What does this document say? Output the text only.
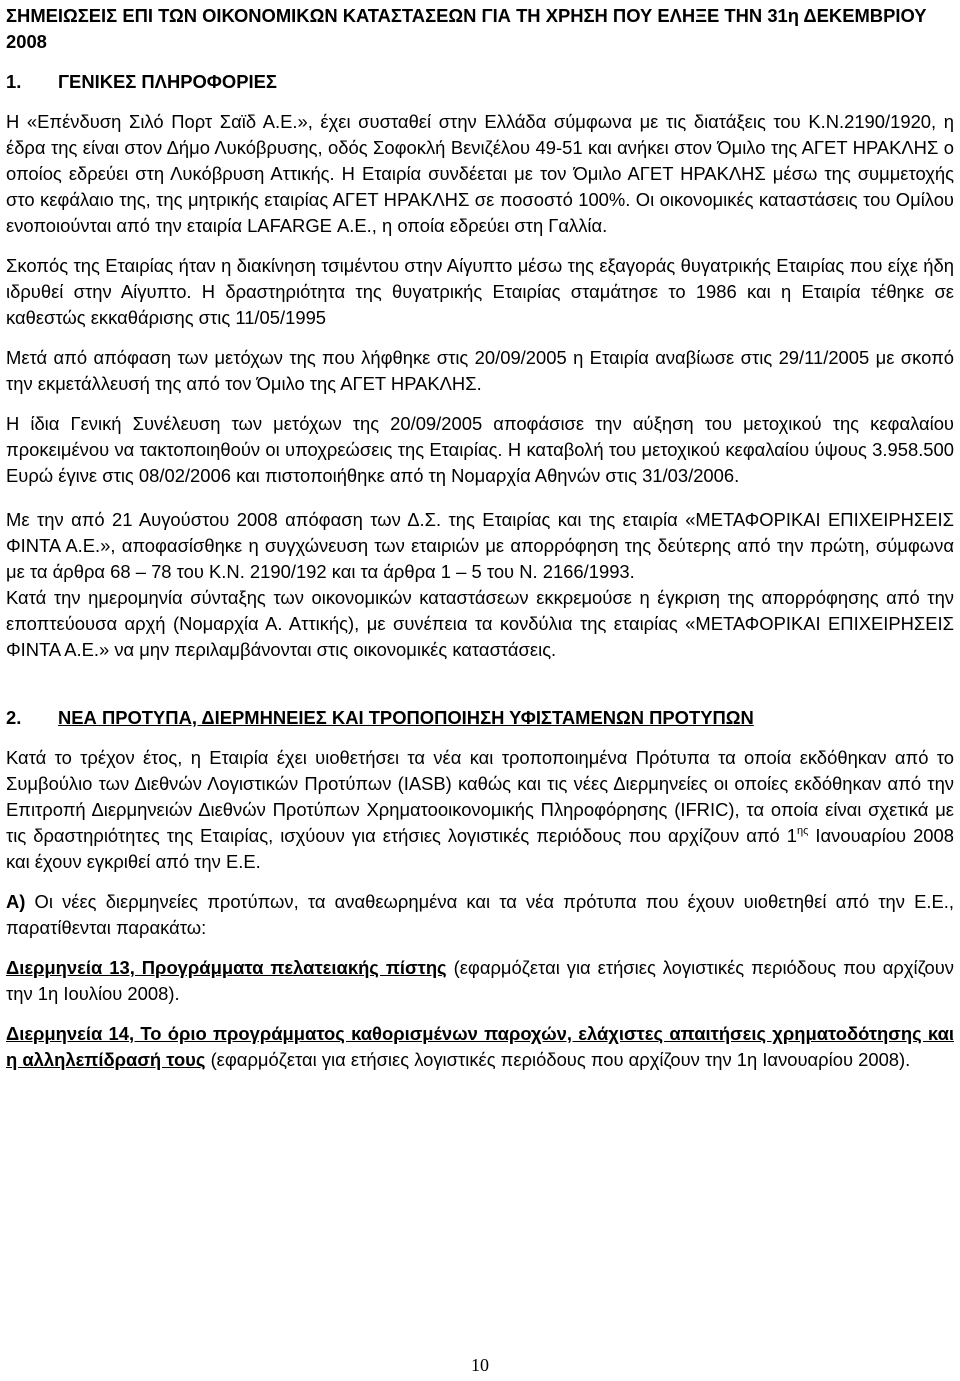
ΣΗΜΕΙΩΣΕΙΣ ΕΠΙ ΤΩΝ ΟΙΚΟΝΟΜΙΚΩΝ ΚΑΤΑΣΤΑΣΕΩΝ ΓΙΑ ΤΗ ΧΡΗΣΗ ΠΟΥ ΕΛΗΞΕ ΤΗΝ 31η ΔΕΚΕΜΒΡΙΟΥ 2008
1. ΓΕΝΙΚΕΣ ΠΛΗΡΟΦΟΡΙΕΣ

Η «Επένδυση Σιλό Πορτ Σαϊδ Α.Ε.», έχει συσταθεί στην Ελλάδα σύμφωνα με τις διατάξεις του Κ.Ν.2190/1920, η έδρα της είναι στον Δήμο Λυκόβρυσης, οδός Σοφοκλή Βενιζέλου 49-51 και ανήκει στον Όμιλο της ΑΓΕΤ ΗΡΑΚΛΗΣ ο οποίος εδρεύει στη Λυκόβρυση Αττικής. Η Εταιρία συνδέεται με τον Όμιλο ΑΓΕΤ ΗΡΑΚΛΗΣ μέσω της συμμετοχής στο κεφάλαιο της, της μητρικής εταιρίας ΑΓΕΤ ΗΡΑΚΛΗΣ σε ποσοστό 100%. Οι οικονομικές καταστάσεις του Ομίλου ενοποιούνται από την εταιρία LAFARGE Α.Ε., η οποία εδρεύει στη Γαλλία.

Σκοπός της Εταιρίας ήταν η διακίνηση τσιμέντου στην Αίγυπτο μέσω της εξαγοράς θυγατρικής Εταιρίας που είχε ήδη ιδρυθεί στην Αίγυπτο. Η δραστηριότητα της θυγατρικής Εταιρίας σταμάτησε το 1986 και η Εταιρία τέθηκε σε καθεστώς εκκαθάρισης στις 11/05/1995

Μετά από απόφαση των μετόχων της που λήφθηκε στις 20/09/2005 η Εταιρία αναβίωσε στις 29/11/2005 με σκοπό την εκμετάλλευσή της από τον Όμιλο της ΑΓΕΤ ΗΡΑΚΛΗΣ.

Η ίδια Γενική Συνέλευση των μετόχων της 20/09/2005 αποφάσισε την αύξηση του μετοχικού της κεφαλαίου προκειμένου να τακτοποιηθούν οι υποχρεώσεις της Εταιρίας. Η καταβολή του μετοχικού κεφαλαίου ύψους 3.958.500 Ευρώ έγινε στις 08/02/2006 και πιστοποιήθηκε από τη Νομαρχία Αθηνών στις 31/03/2006.

Με την από 21 Αυγούστου 2008 απόφαση των Δ.Σ. της Εταιρίας και της εταιρία «ΜΕΤΑΦΟΡΙΚΑΙ ΕΠΙΧΕΙΡΗΣΕΙΣ ΦΙΝΤΑ Α.Ε.», αποφασίσθηκε η συγχώνευση των εταιριών με απορρόφηση της δεύτερης από την πρώτη, σύμφωνα με τα άρθρα 68 – 78 του Κ.Ν. 2190/192 και τα άρθρα 1 – 5 του Ν. 2166/1993.

Κατά την ημερομηνία σύνταξης των οικονομικών καταστάσεων εκκρεμούσε η έγκριση της απορρόφησης από την εποπτεύουσα αρχή (Νομαρχία Α. Αττικής), με συνέπεια τα κονδύλια της εταιρίας «ΜΕΤΑΦΟΡΙΚΑΙ ΕΠΙΧΕΙΡΗΣΕΙΣ ΦΙΝΤΑ Α.Ε.» να μην περιλαμβάνονται στις οικονομικές καταστάσεις.

2. ΝΕΑ ΠΡΟΤΥΠΑ, ΔΙΕΡΜΗΝΕΙΕΣ ΚΑΙ ΤΡΟΠΟΠΟΙΗΣΗ ΥΦΙΣΤΑΜΕΝΩΝ ΠΡΟΤΥΠΩΝ

Κατά το τρέχον έτος, η Εταιρία έχει υιοθετήσει τα νέα και τροποποιημένα Πρότυπα τα οποία εκδόθηκαν από το Συμβούλιο των Διεθνών Λογιστικών Προτύπων (IASB) καθώς και τις νέες Διερμηνείες οι οποίες εκδόθηκαν από την Επιτροπή Διερμηνειών Διεθνών Προτύπων Χρηματοοικονομικής Πληροφόρησης (IFRIC), τα οποία είναι σχετικά με τις δραστηριότητες της Εταιρίας, ισχύουν για ετήσιες λογιστικές περιόδους που αρχίζουν από $1^{\eta\varsigma}$ Ιανουαρίου 2008 και έχουν εγκριθεί από την Ε.Ε.

Α) Οι νέες διερμηνείες προτύπων, τα αναθεωρημένα και τα νέα πρότυπα που έχουν υιοθετηθεί από την Ε.Ε., παρατίθενται παρακάτω:

Διερμηνεία 13, Προγράμματα πελατειακής πίστης (εφαρμόζεται για ετήσιες λογιστικές περιόδους που αρχίζουν την 1η Ιουλίου 2008).

Διερμηνεία 14, Το όριο προγράμματος καθορισμένων παροχών, ελάχιστες απαιτήσεις χρηματοδότησης και η αλληλεπίδρασή τους (εφαρμόζεται για ετήσιες λογιστικές περιόδους που αρχίζουν την 1η Ιανουαρίου 2008).

10
